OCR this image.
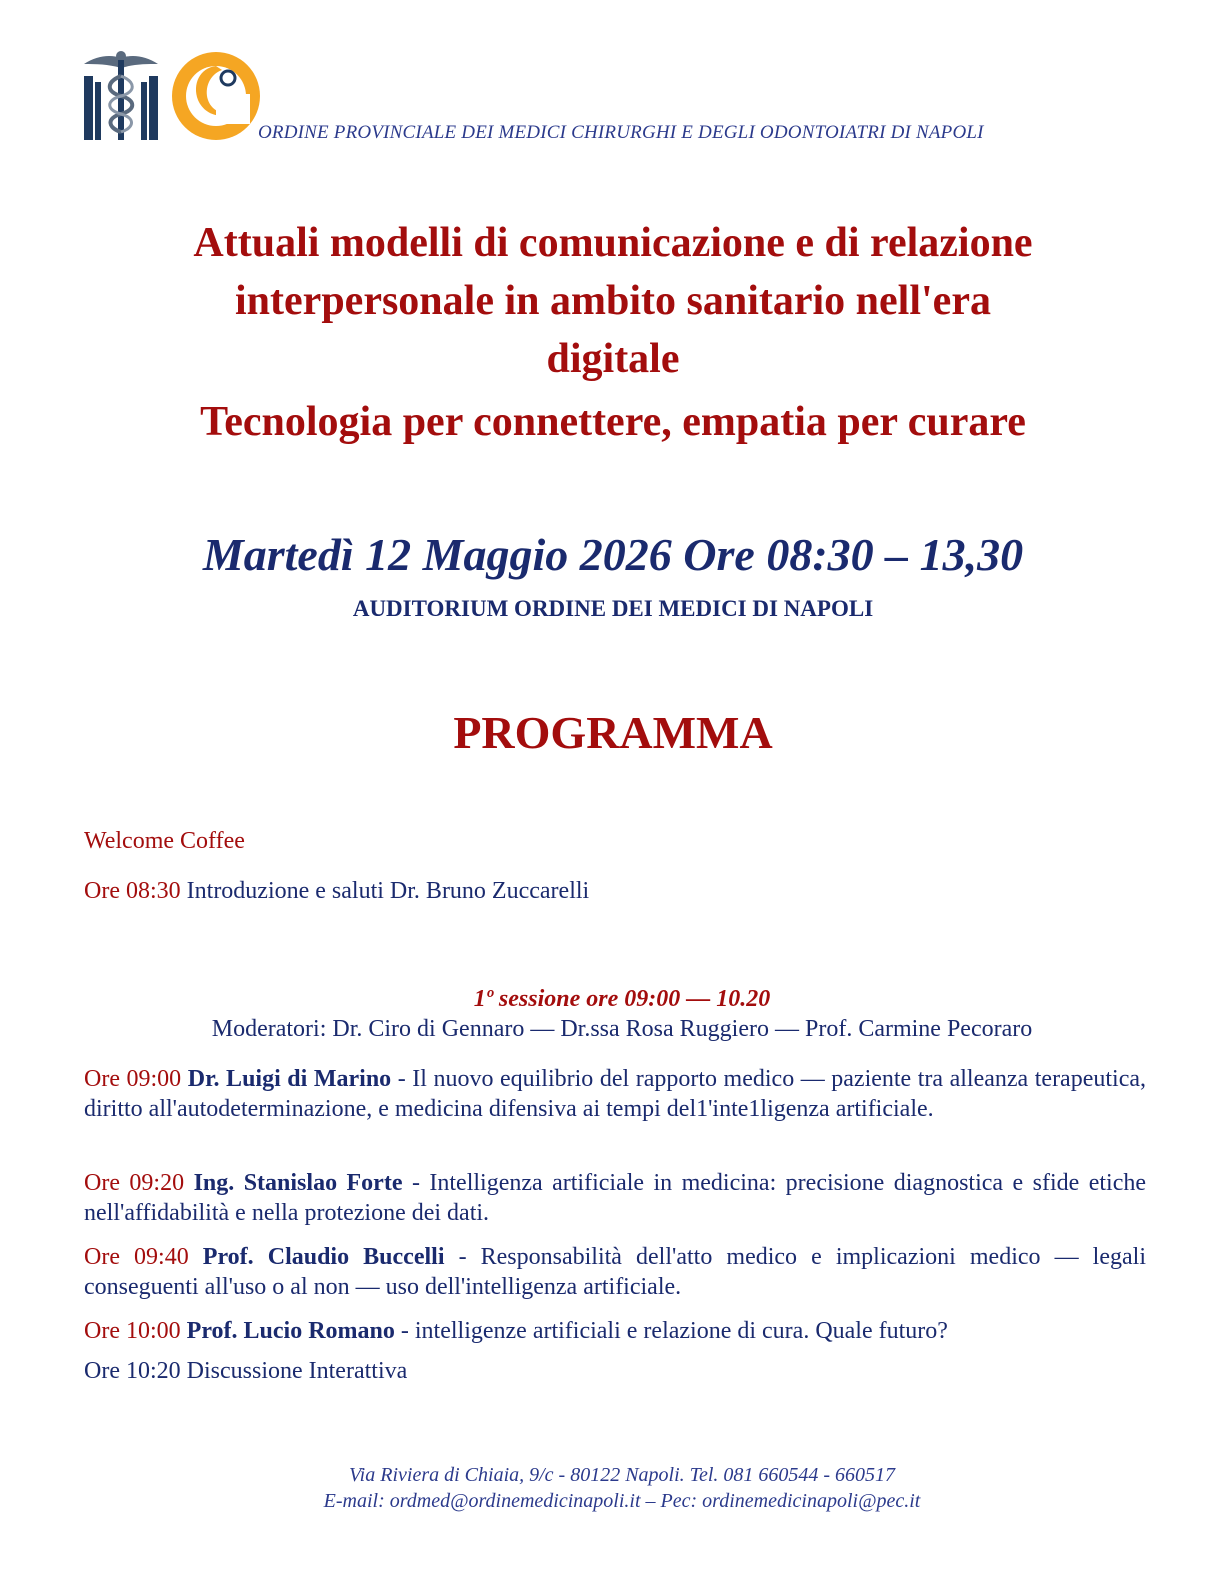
ORDINE PROVINCIALE DEI MEDICI CHIRURGHI E DEGLI ODONTOIATRI DI NAPOLI
Attuali modelli di comunicazione e di relazione
interpersonale in ambito sanitario nell'era
digitale
Tecnologia per connettere, empatia per curare
Martedì 12 Maggio 2026 Ore 08:30 – 13,30
AUDITORIUM ORDINE DEI MEDICI DI NAPOLI
PROGRAMMA
Welcome Coffee
Ore 08:30 Introduzione e saluti Dr. Bruno Zuccarelli
1º sessione ore 09:00 — 10.20
Moderatori: Dr. Ciro di Gennaro — Dr.ssa Rosa Ruggiero — Prof. Carmine Pecoraro
Ore 09:00 Dr. Luigi di Marino - Il nuovo equilibrio del rapporto medico — paziente tra alleanza terapeutica, diritto all'autodeterminazione, e medicina difensiva ai tempi del1'inte1ligenza artificiale.
Ore 09:20 Ing. Stanislao Forte - Intelligenza artificiale in medicina: precisione diagnostica e sfide etiche nell'affidabilità e nella protezione dei dati.
Ore 09:40 Prof. Claudio Buccelli - Responsabilità dell'atto medico e implicazioni medico — legali conseguenti all'uso o al non — uso dell'intelligenza artificiale.
Ore 10:00 Prof. Lucio Romano - intelligenze artificiali e relazione di cura. Quale futuro?
Ore 10:20 Discussione Interattiva
Via Riviera di Chiaia, 9/c - 80122 Napoli. Tel. 081 660544 - 660517
E-mail: ordmed@ordinemedicinapoli.it – Pec: ordinemedicinapoli@pec.it
